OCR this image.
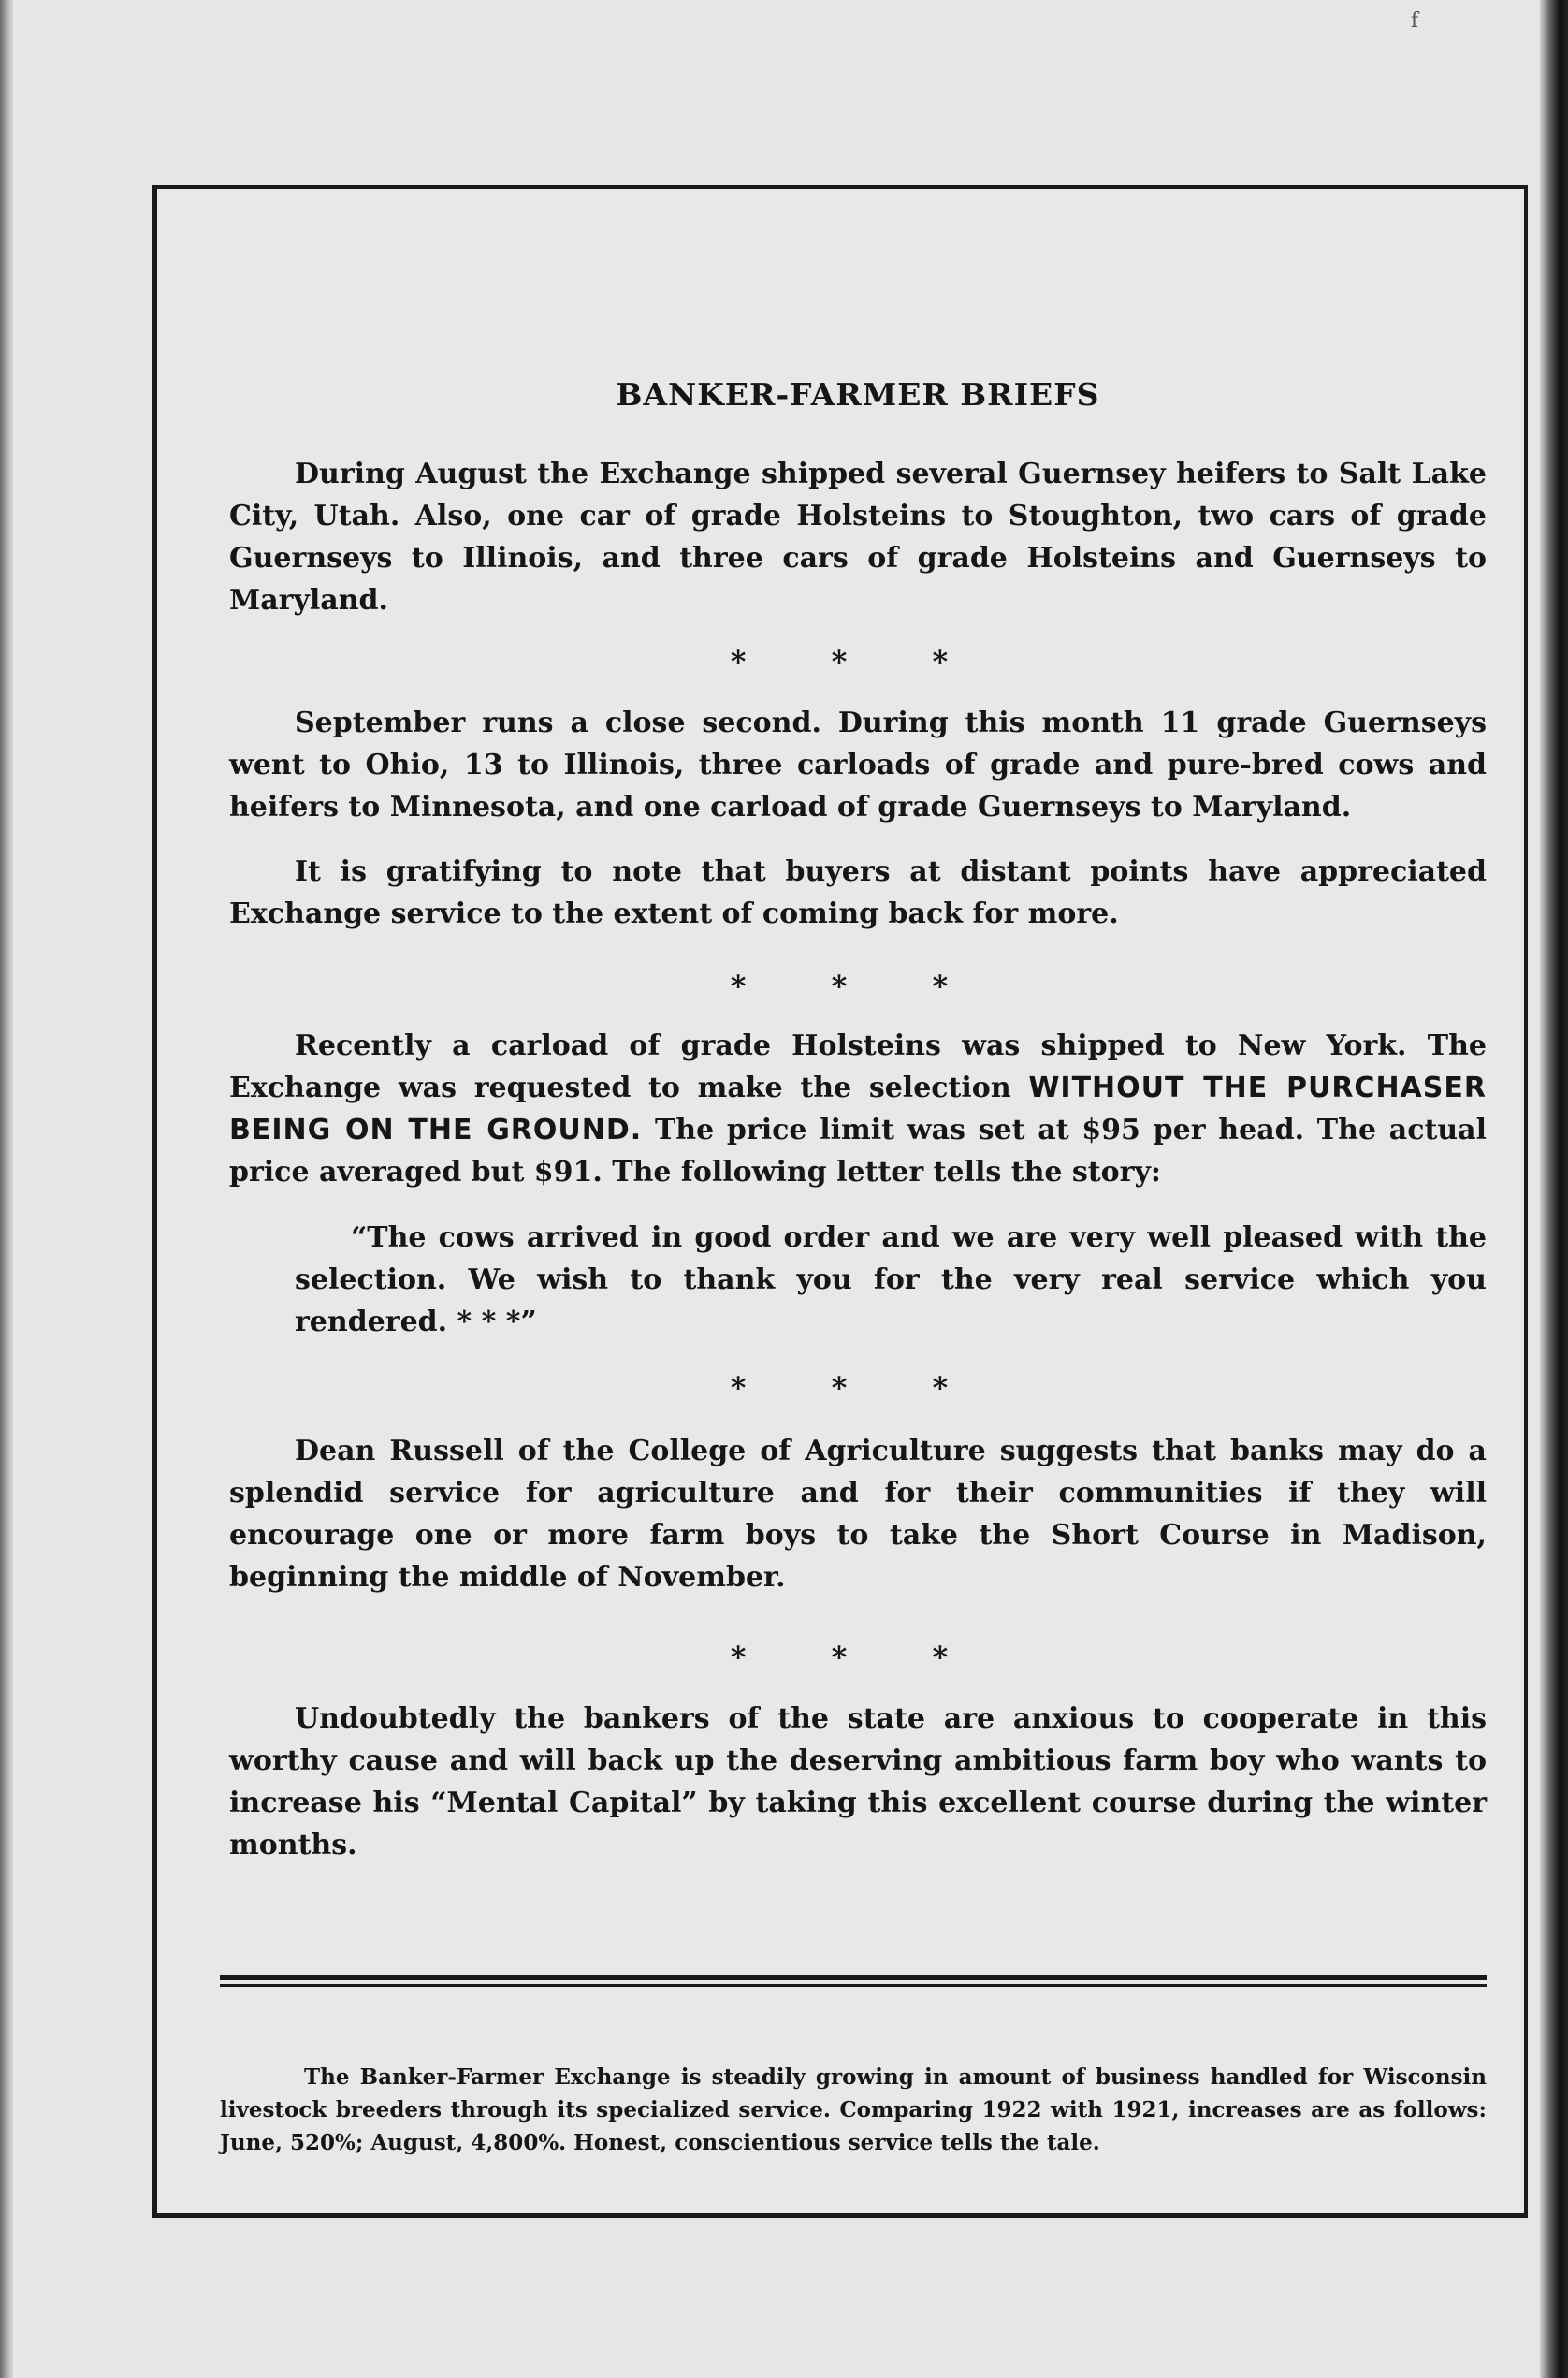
f
BANKER-FARMER BRIEFS

During August the Exchange shipped several Guernsey heifers to Salt Lake City, Utah. Also, one car of grade Holsteins to Stoughton, two cars of grade Guernseys to Illinois, and three cars of grade Holsteins and Guernseys to Maryland.

* * *

September runs a close second. During this month 11 grade Guernseys went to Ohio, 13 to Illinois, three carloads of grade and pure-bred cows and heifers to Minnesota, and one carload of grade Guernseys to Maryland.

It is gratifying to note that buyers at distant points have appreciated Exchange service to the extent of coming back for more.

* * *

Recently a carload of grade Holsteins was shipped to New York. The Exchange was requested to make the selection WITHOUT THE PURCHASER BEING ON THE GROUND. The price limit was set at $95 per head. The actual price averaged but $91. The following letter tells the story:

“The cows arrived in good order and we are very well pleased with the selection. We wish to thank you for the very real service which you rendered. * * *”

* * *

Dean Russell of the College of Agriculture suggests that banks may do a splendid service for agriculture and for their communities if they will encourage one or more farm boys to take the Short Course in Madison, beginning the middle of November.

* * *

Undoubtedly the bankers of the state are anxious to cooperate in this worthy cause and will back up the deserving ambitious farm boy who wants to increase his “Mental Capital” by taking this excellent course during the winter months.

The Banker-Farmer Exchange is steadily growing in amount of business handled for Wisconsin livestock breeders through its specialized service. Comparing 1922 with 1921, increases are as follows: June, 520%; August, 4,800%. Honest, conscientious service tells the tale.
